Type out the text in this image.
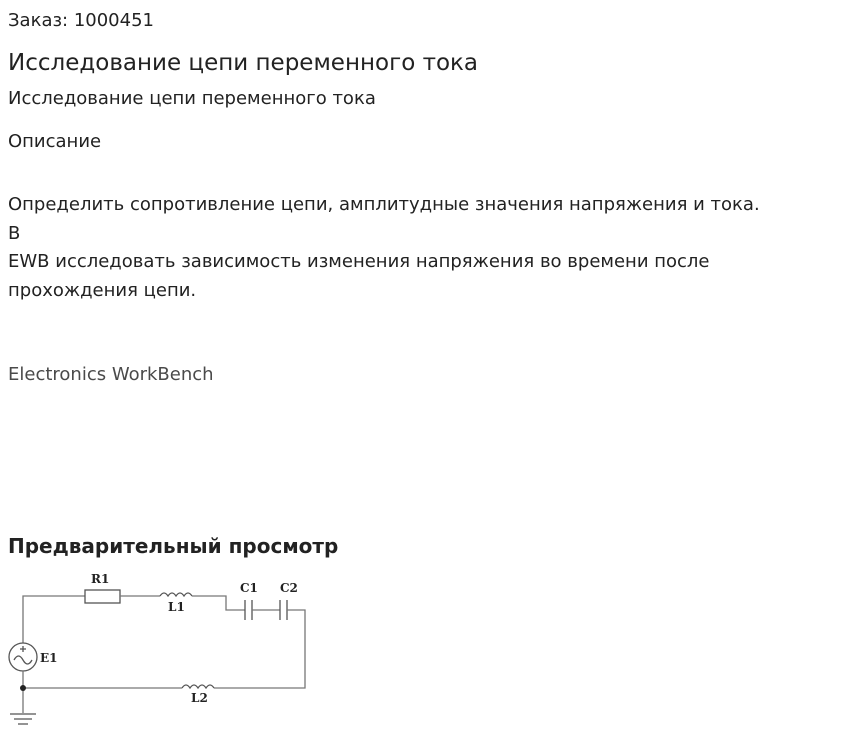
Заказ: 1000451
Исследование цепи переменного тока
Исследование цепи переменного тока
Описание
Определить сопротивление цепи, амплитудные значения напряжения и тока.
В
EWB исследовать зависимость изменения напряжения во времени после
прохождения цепи.
Electronics WorkBench
Предварительный просмотр
R1
L1
C1 C2
L2
E1
